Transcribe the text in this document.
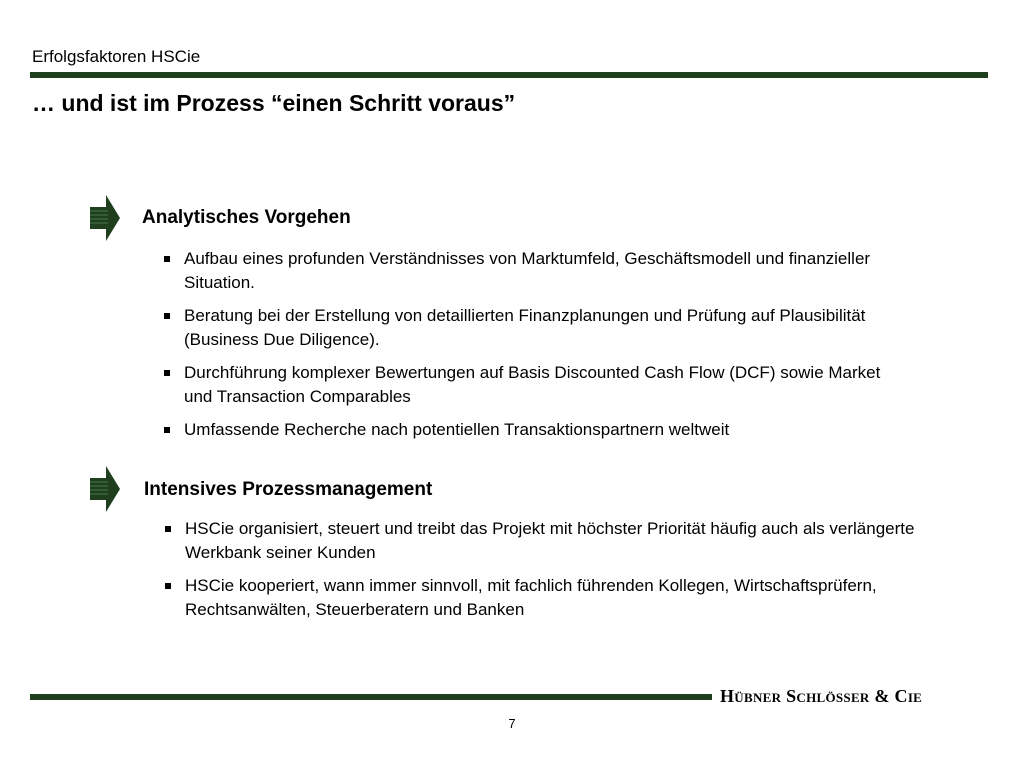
Erfolgsfaktoren HSCie
… und ist im Prozess “einen Schritt voraus”
Analytisches Vorgehen
Aufbau eines profunden Verständnisses von Marktumfeld, Geschäftsmodell und finanzieller Situation.
Beratung bei der Erstellung von detaillierten Finanzplanungen und Prüfung auf Plausibilität (Business Due Diligence).
Durchführung komplexer Bewertungen auf Basis Discounted Cash Flow (DCF) sowie Market und Transaction Comparables
Umfassende Recherche nach potentiellen Transaktionspartnern weltweit
Intensives Prozessmanagement
HSCie organisiert, steuert und treibt das Projekt mit höchster Priorität häufig auch als verlängerte Werkbank seiner Kunden
HSCie kooperiert, wann immer sinnvoll, mit fachlich führenden Kollegen, Wirtschaftsprüfern, Rechtsanwälten, Steuerberatern und Banken
Hübner Schlösser & Cie
7
